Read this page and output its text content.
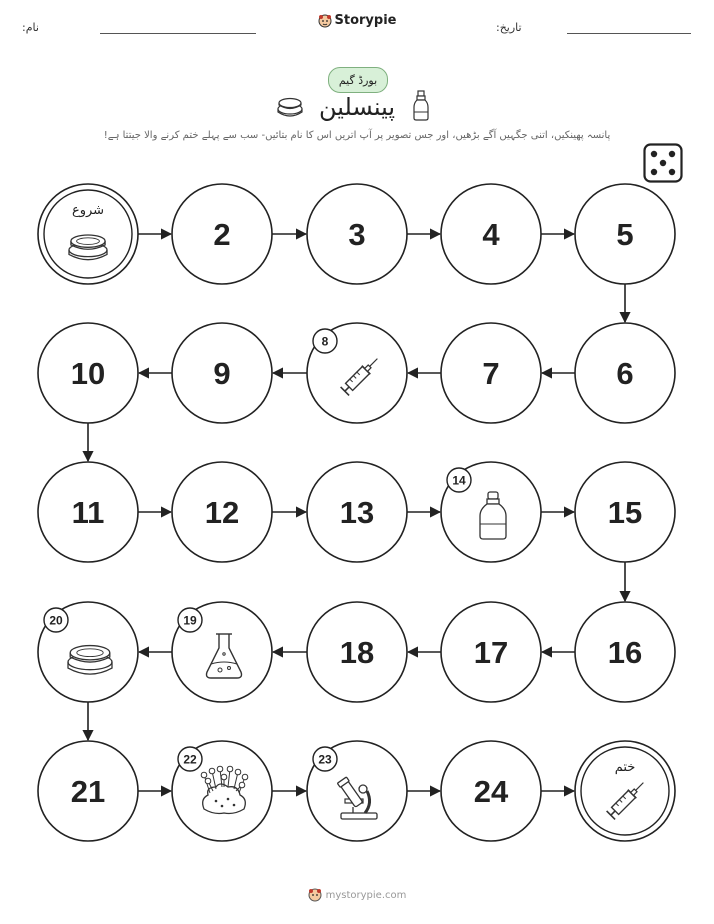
نام:	Storypie	تاریخ:
بورڈ گیم
پینسلین
پانسہ پھینکیں، اتنی جگہیں آگے بڑھیں، اور جس تصویر پر آپ اتریں اس کا نام بتائیں- سب سے پہلے ختم کرنے والا جیتتا ہے!
شروع
2	3	4	5
6
7
8
9
10
11	12	13
14
15
16
17
18
19
20
21
22	23
24
ختم
mystorypie.com
